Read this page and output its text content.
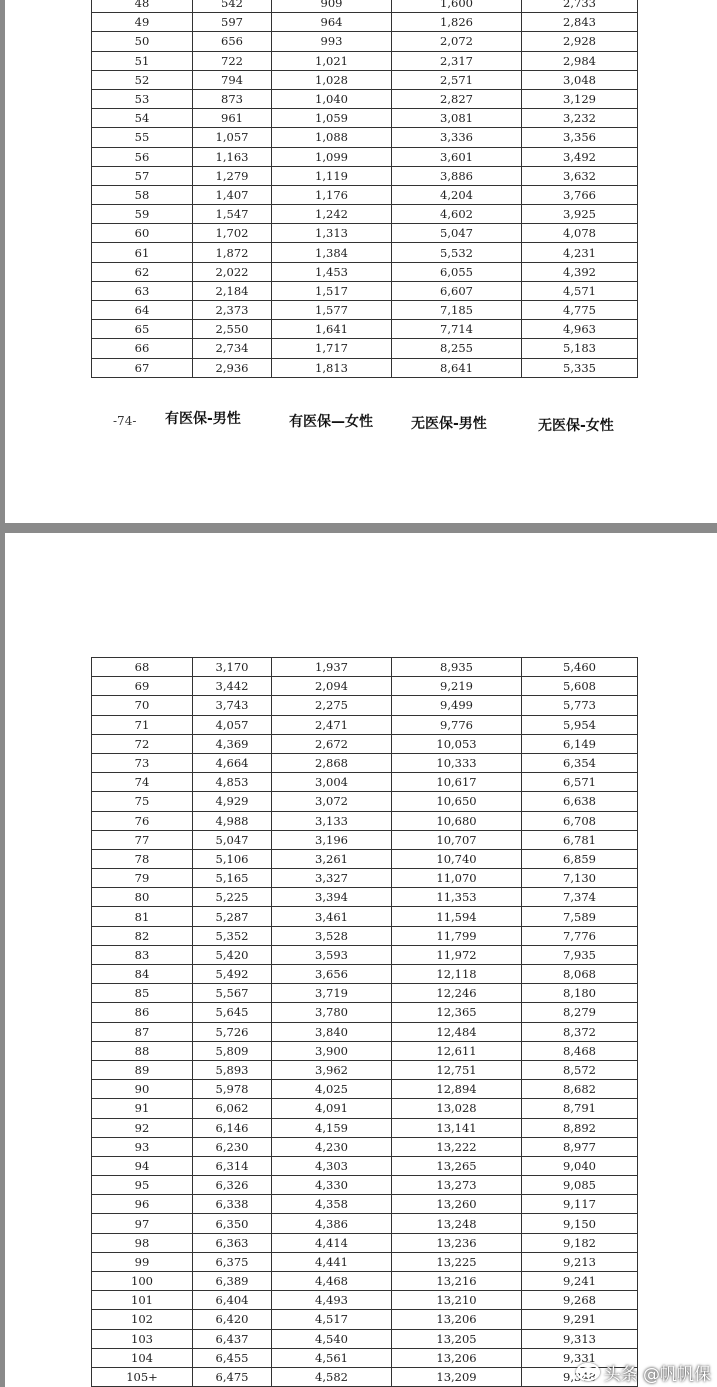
48	542	909	1,600	2,733
49	597	964	1,826	2,843
50	656	993	2,072	2,928
51	722	1,021	2,317	2,984
52	794	1,028	2,571	3,048
53	873	1,040	2,827	3,129
54	961	1,059	3,081	3,232
55	1,057	1,088	3,336	3,356
56	1,163	1,099	3,601	3,492
57	1,279	1,119	3,886	3,632
58	1,407	1,176	4,204	3,766
59	1,547	1,242	4,602	3,925
60	1,702	1,313	5,047	4,078
61	1,872	1,384	5,532	4,231
62	2,022	1,453	6,055	4,392
63	2,184	1,517	6,607	4,571
64	2,373	1,577	7,185	4,775
65	2,550	1,641	7,714	4,963
66	2,734	1,717	8,255	5,183
67	2,936	1,813	8,641	5,335
-74- 有医保-男性	有医保—女性	无医保-男性	无医保-女性
68	3,170	1,937	8,935	5,460
69	3,442	2,094	9,219	5,608
70	3,743	2,275	9,499	5,773
71	4,057	2,471	9,776	5,954
72	4,369	2,672	10,053	6,149
73	4,664	2,868	10,333	6,354
74	4,853	3,004	10,617	6,571
75	4,929	3,072	10,650	6,638
76	4,988	3,133	10,680	6,708
77	5,047	3,196	10,707	6,781
78	5,106	3,261	10,740	6,859
79	5,165	3,327	11,070	7,130
80	5,225	3,394	11,353	7,374
81	5,287	3,461	11,594	7,589
82	5,352	3,528	11,799	7,776
83	5,420	3,593	11,972	7,935
84	5,492	3,656	12,118	8,068
85	5,567	3,719	12,246	8,180
86	5,645	3,780	12,365	8,279
87	5,726	3,840	12,484	8,372
88	5,809	3,900	12,611	8,468
89	5,893	3,962	12,751	8,572
90	5,978	4,025	12,894	8,682
91	6,062	4,091	13,028	8,791
92	6,146	4,159	13,141	8,892
93	6,230	4,230	13,222	8,977
94	6,314	4,303	13,265	9,040
95	6,326	4,330	13,273	9,085
96	6,338	4,358	13,260	9,117
97	6,350	4,386	13,248	9,150
98	6,363	4,414	13,236	9,182
99	6,375	4,441	13,225	9,213
100	6,389	4,468	13,216	9,241
101	6,404	4,493	13,210	9,268
102	6,420	4,517	13,206	9,291
103	6,437	4,540	13,205	9,313
104	6,455	4,561	13,206	9,331
105+	6,475	4,582	13,209	9,348 头条 @帆帆保
